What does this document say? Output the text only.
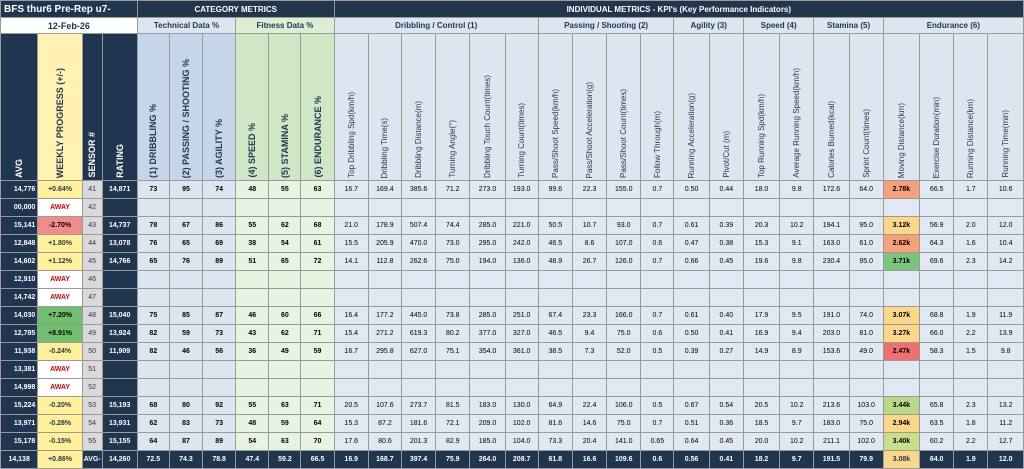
BFS thur6 Pre-Rep u7-				CATEGORY METRICS						INDIVIDUAL METRICS - KPI's (Key Performance Indicators)																			
12-Feb-26				Technical Data %			Fitness Data %			Dribbling / Control (1)						Passing / Shooting (2)				Agility (3)		Speed (4)		Stamina (5)		Endurance (6)			
AVG	WEEKLY PROGRESS (+/-)	SENSOR #	RATING	(1) DRIBBLING %	(2) PASSING / SHOOTING %	(3) AGILITY %	(4) SPEED %	(5) STAMINA %	(6) ENDURANCE %	Top Dribbling Spd(km/h)	Dribbling Time(s)	Dribbling Distance(m)	Turning Angle(°)	Dribbling Touch Count(times)	Turning Count(times)	Pass/Shoot Speed(km/h)	Pass/Shoot Acceleration(g)	Pass/Shoot Count(times)	Follow Through(m)	Running Acceleration(g)	Pivot/Cut (m)	Top Running Spd(km/h)	Average Running Speed(km/h)	Calories Burned(kcal)	Sprint Count(times)	Moving Distance(km)	Exercise Duration(min)	Running Distance(km)	Running Time(min)
14,776	+0.64%	41	14,871	73	95	74	48	55	63	16.7	169.4	385.6	71.2	273.0	193.0	99.6	22.3	155.0	0.7	0.50	0.44	18.0	9.8	172.6	64.0	2.78k	66.5	1.7	10.6
00,000	AWAY	42																											
15,141	-2.70%	43	14,737	78	67	86	55	62	68	21.0	178.9	507.4	74.4	285.0	221.0	50.5	10.7	93.0	0.7	0.61	0.39	20.3	10.2	194.1	95.0	3.12k	56.9	2.0	12.0
12,848	+1.80%	44	13,078	76	65	69	38	54	61	15.5	205.9	470.0	73.0	295.0	242.0	46.5	8.6	107.0	0.6	0.47	0.38	15.3	9.1	163.0	61.0	2.62k	64.3	1.6	10.4
14,602	+1.12%	45	14,766	65	76	89	51	65	72	14.1	112.8	262.6	75.0	194.0	136.0	48.9	26.7	126.0	0.7	0.66	0.45	19.6	9.8	230.4	95.0	3.71k	69.6	2.3	14.2
12,910	AWAY	46																											
14,742	AWAY	47																											
14,030	+7.20%	48	15,040	75	85	87	46	60	66	16.4	177.2	445.0	73.8	285.0	251.0	67.4	23.3	166.0	0.7	0.61	0.40	17.9	9.5	191.0	74.0	3.07k	68.8	1.9	11.9
12,785	+8.91%	49	13,924	82	59	73	43	62	71	15.4	271.2	619.3	80.2	377.0	327.0	46.5	9.4	75.0	0.6	0.50	0.41	16.9	9.4	203.0	81.0	3.27k	66.0	2.2	13.9
11,938	-0.24%	50	11,909	82	46	56	36	49	59	16.7	295.8	627.0	75.1	354.0	361.0	38.5	7.3	52.0	0.5	0.39	0.27	14.9	8.9	153.6	49.0	2.47k	58.3	1.5	9.8
13,381	AWAY	51																											
14,998	AWAY	52																											
15,224	-0.20%	53	15,193	68	80	92	55	63	71	20.5	107.6	273.7	81.5	183.0	130.0	64.9	22.4	106.0	0.5	0.67	0.54	20.5	10.2	213.6	103.0	3.44k	65.8	2.3	13.2
13,971	-0.28%	54	13,931	62	83	73	48	59	64	15.3	87.2	181.6	72.1	209.0	102.0	81.6	14.6	75.0	0.7	0.51	0.36	18.5	9.7	183.0	75.0	2.94k	63.5	1.8	11.2
15,178	-0.15%	55	15,155	64	87	89	54	63	70	17.6	80.6	201.3	82.9	185.0	104.0	73.3	20.4	141.0	0.65	0.64	0.45	20.0	10.2	211.1	102.0	3.40k	60.2	2.2	12.7
14,138	+0.86%	AVG-	14,260	72.5	74.3	78.8	47.4	59.2	66.5	16.9	168.7	397.4	75.9	264.0	208.7	61.8	16.6	109.6	0.6	0.56	0.41	18.2	9.7	191.5	79.9	3.08k	64.0	1.9	12.0
